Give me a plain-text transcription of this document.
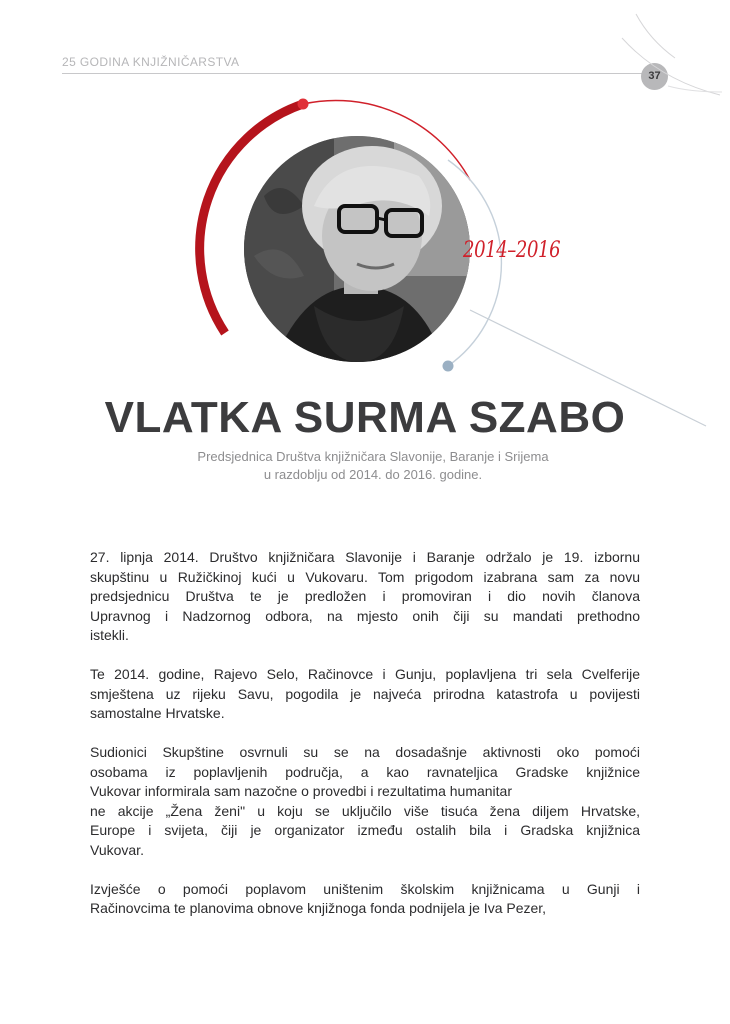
25 GODINA KNJIŽNIČARSTVA
37
2014–2016
VLATKA SURMA SZABO
Predsjednica Društva knjižničara Slavonije, Baranje i Srijema
u razdoblju od 2014. do 2016. godine.

27. lipnja 2014. Društvo knjižničara Slavonije i Baranje održalo je 19. izbornu
skupštinu u Ružičkinoj kući u Vukovaru. Tom prigodom izabrana sam za novu
predsjednicu Društva te je predložen i promoviran i dio novih članova
Upravnog i Nadzornog odbora, na mjesto onih čiji su mandati prethodno
istekli.

Te 2014. godine, Rajevo Selo, Račinovce i Gunju, poplavljena tri sela Cvelferije
smještena uz rijeku Savu, pogodila je najveća prirodna katastrofa u povijesti
samostalne Hrvatske.

Sudionici Skupštine osvrnuli su se na dosadašnje aktivnosti oko pomoći
osobama iz poplavljenih područja, a kao ravnateljica Gradske knjižnice
Vukovar informirala sam nazočne o provedbi i rezultatima humanitar
ne akcije „Žena ženi" u koju se uključilo više tisuća žena diljem Hrvatske,
Europe i svijeta, čiji je organizator između ostalih bila i Gradska knjižnica
Vukovar.

Izvješće o pomoći poplavom uništenim školskim knjižnicama u Gunji i
Račinovcima te planovima obnove knjižnoga fonda podnijela je Iva Pezer,
